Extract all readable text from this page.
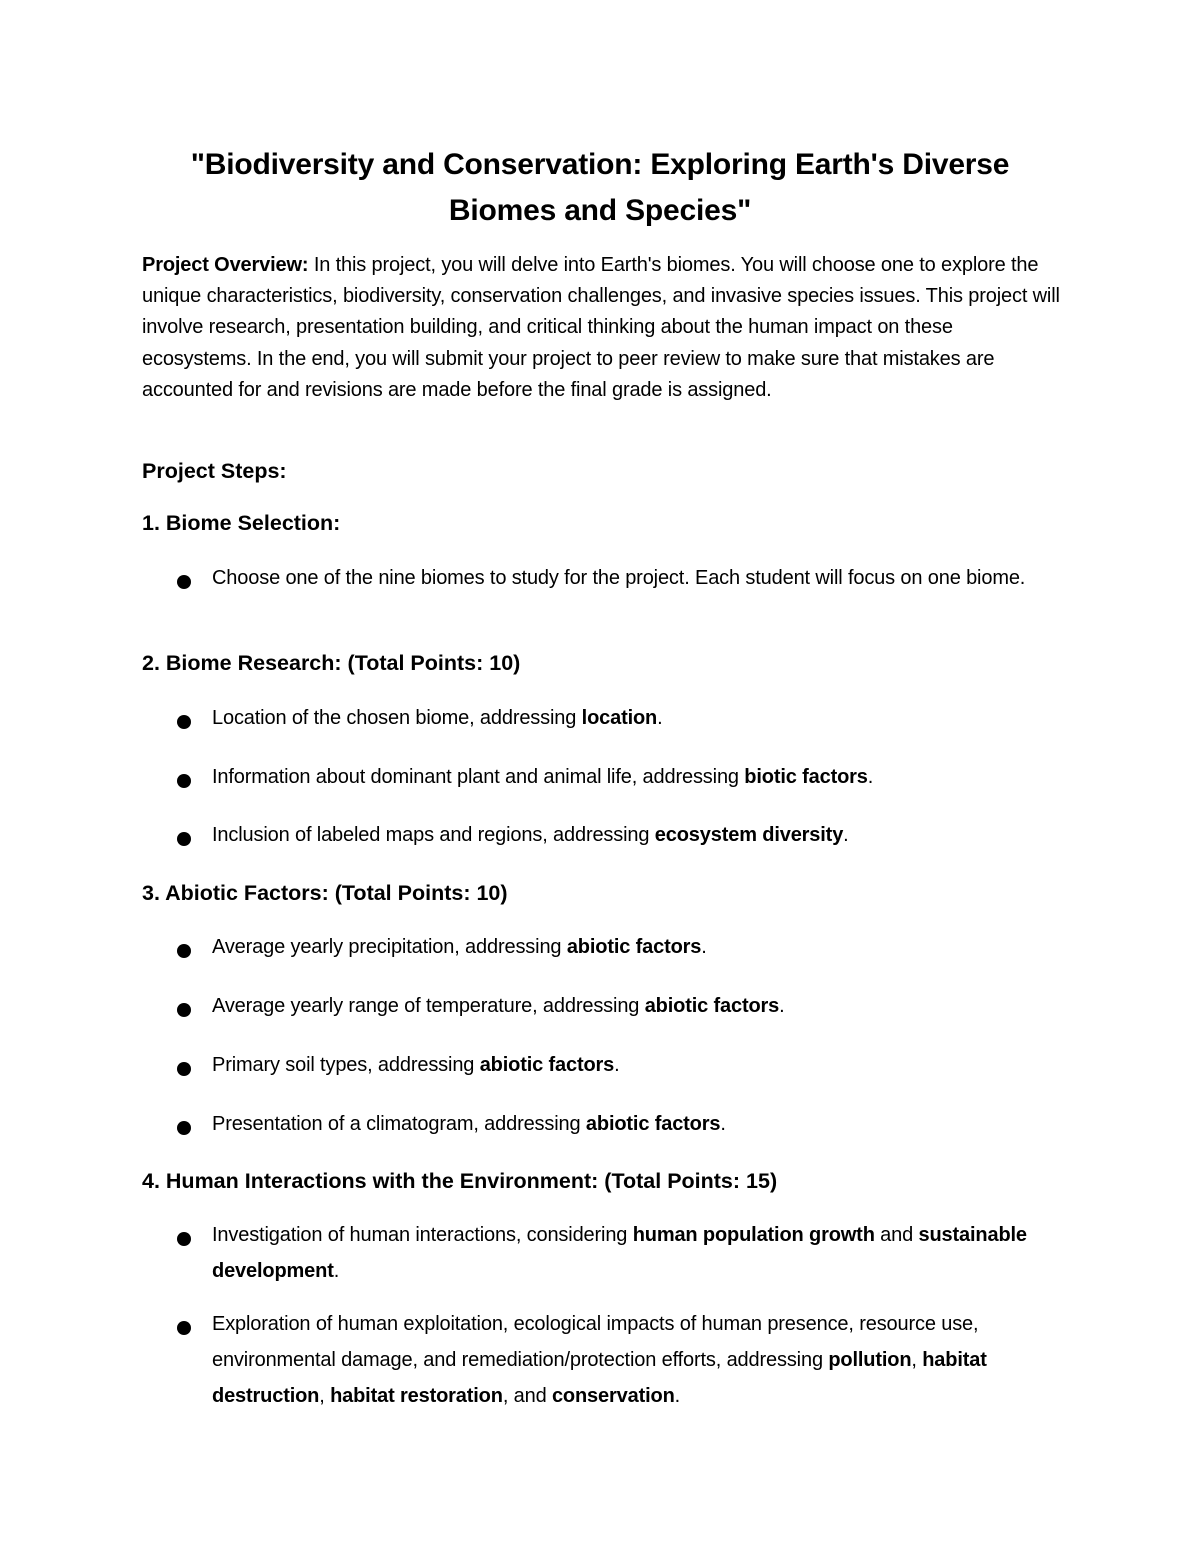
"Biodiversity and Conservation: Exploring Earth's Diverse Biomes and Species"
Project Overview: In this project, you will delve into Earth's biomes. You will choose one to explore the unique characteristics, biodiversity, conservation challenges, and invasive species issues. This project will involve research, presentation building, and critical thinking about the human impact on these ecosystems. In the end, you will submit your project to peer review to make sure that mistakes are accounted for and revisions are made before the final grade is assigned.
Project Steps:
1. Biome Selection:
Choose one of the nine biomes to study for the project. Each student will focus on one biome.
2. Biome Research: (Total Points: 10)
Location of the chosen biome, addressing location.
Information about dominant plant and animal life, addressing biotic factors.
Inclusion of labeled maps and regions, addressing ecosystem diversity.
3. Abiotic Factors: (Total Points: 10)
Average yearly precipitation, addressing abiotic factors.
Average yearly range of temperature, addressing abiotic factors.
Primary soil types, addressing abiotic factors.
Presentation of a climatogram, addressing abiotic factors.
4. Human Interactions with the Environment: (Total Points: 15)
Investigation of human interactions, considering human population growth and sustainable development.
Exploration of human exploitation, ecological impacts of human presence, resource use, environmental damage, and remediation/protection efforts, addressing pollution, habitat destruction, habitat restoration, and conservation.
